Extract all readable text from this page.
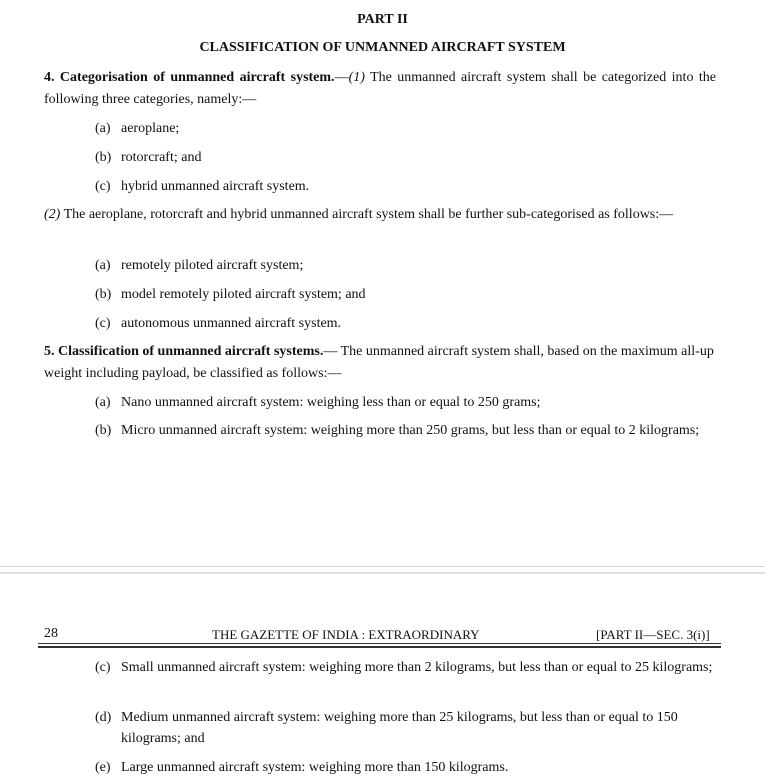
PART II
CLASSIFICATION OF UNMANNED AIRCRAFT SYSTEM
4. Categorisation of unmanned aircraft system.—(1) The unmanned aircraft system shall be categorized into the following three categories, namely:—
(a) aeroplane;
(b) rotorcraft; and
(c) hybrid unmanned aircraft system.
(2) The aeroplane, rotorcraft and hybrid unmanned aircraft system shall be further sub-categorised as follows:—
(a) remotely piloted aircraft system;
(b) model remotely piloted aircraft system; and
(c) autonomous unmanned aircraft system.
5. Classification of unmanned aircraft systems.— The unmanned aircraft system shall, based on the maximum all-up weight including payload, be classified as follows:—
(a) Nano unmanned aircraft system: weighing less than or equal to 250 grams;
(b) Micro unmanned aircraft system: weighing more than 250 grams, but less than or equal to 2 kilograms;
28	THE GAZETTE OF INDIA : EXTRAORDINARY	[PART II—SEC. 3(i)]
(c) Small unmanned aircraft system: weighing more than 2 kilograms, but less than or equal to 25 kilograms;
(d) Medium unmanned aircraft system: weighing more than 25 kilograms, but less than or equal to 150 kilograms; and
(e) Large unmanned aircraft system: weighing more than 150 kilograms.
